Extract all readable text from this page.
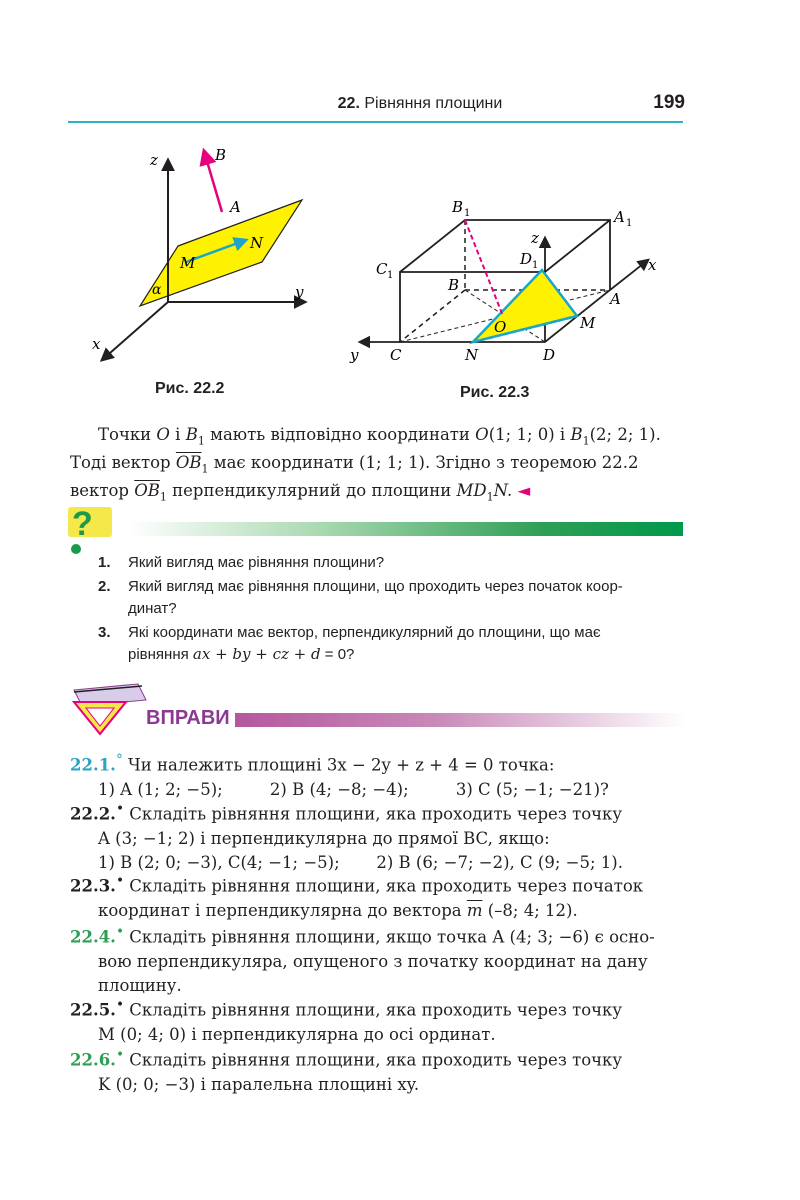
22. Рівняння площини	199
z
y
x
B
A
M
N
α
B 1	A 1
C 1
D 1
z
x
y
B
A
O	M
C	N	D
Рис. 22.2	Рис. 22.3
Точки O і $B_1$ мають відповідно координати O(1; 1; 0) і $B_1(2$; 2; 1).
Тоді вектор $\overline{OB}_1$ має координати (1; 1; 1). Згідно з теоремою 22.2
вектор $\overline{OB}_1$ перпендикулярний до площини $MD_1N$. ◄
?
1. Який вигляд має рівняння площини?
2. Який вигляд має рівняння площини, що проходить через початок коор-
динат?
3. Які координати має вектор, перпендикулярний до площини, що має
рівняння ax + by + cz + d = 0?
ВПРАВИ
22.1.° Чи належить площині 3x − 2y + z + 4 = 0 точка:
1) A (1; 2; −5);         2) B (4; −8; −4);         3) C (5; −1; −21)?
22.2.• Складіть рівняння площини, яка проходить через точку
A (3; −1; 2) і перпендикулярна до прямої BC, якщо:
1) B (2; 0; −3), C(4; −1; −5);       2) B (6; −7; −2), C (9; −5; 1).
22.3.• Складіть рівняння площини, яка проходить через початок
координат і перпендикулярна до вектора $\overline{m}$ (–8; 4; 12).
22.4.• Складіть рівняння площини, якщо точка A (4; 3; −6) є осно-
вою перпендикуляра, опущеного з початку координат на дану
площину.
22.5.• Складіть рівняння площини, яка проходить через точку
M (0; 4; 0) і перпендикулярна до осі ординат.
22.6.• Складіть рівняння площини, яка проходить через точку
K (0; 0; −3) і паралельна площині xy.
